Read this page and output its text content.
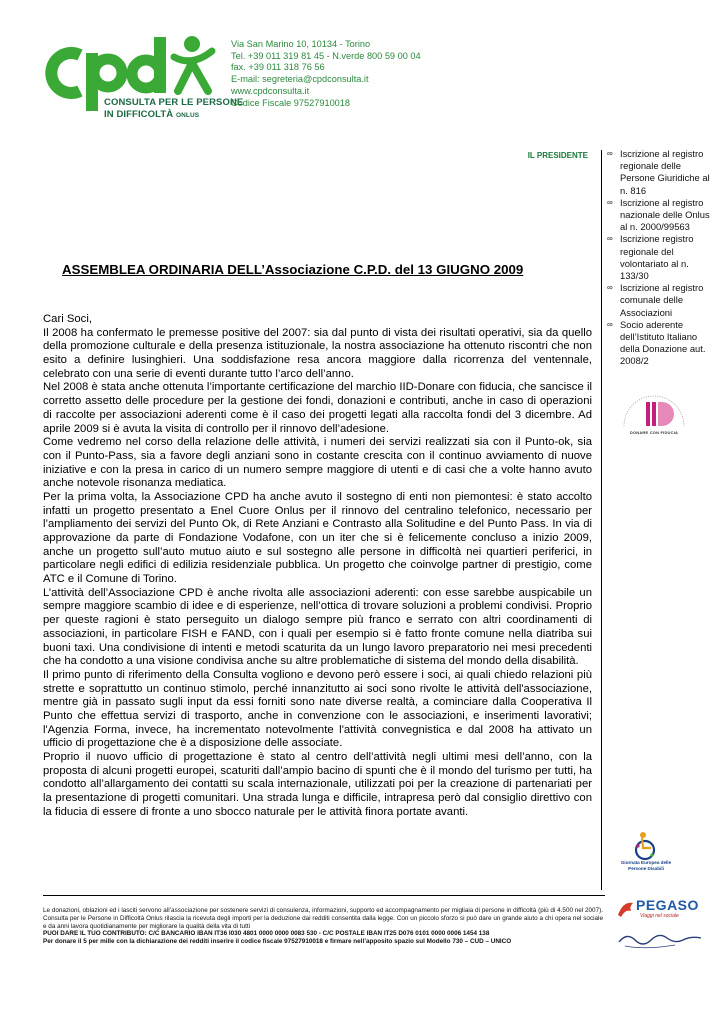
CONSULTA PER LE PERSONE
IN DIFFICOLTÀ ONLUS
Via San Marino 10, 10134 - Torino
Tel. +39 011 319 81 45 - N.verde 800 59 00 04
fax. +39 011 318 76 56
E-mail: segreteria@cpdconsulta.it
www.cpdconsulta.it
Codice Fiscale 97527910018
IL PRESIDENTE ∞ Iscrizione al registro regionale delle Persone Giuridiche al n. 816
∞ Iscrizione al registro nazionale delle Onlus al n. 2000/99563
∞ Iscrizione registro regionale del volontariato al n. 133/30
∞ Iscrizione al registro comunale delle Associazioni
∞ Socio aderente dell’Istituto Italiano della Donazione aut. 2008/2
DONARE CON FIDUCIA
Giornata Europea delle Persone Disabili
ASSEMBLEA ORDINARIA DELL’Associazione C.P.D. del 13 GIUGNO 2009

Cari Soci,

Il 2008 ha confermato le premesse positive del 2007: sia dal punto di vista dei risultati operativi, sia da quello della promozione culturale e della presenza istituzionale, la nostra associazione ha ottenuto riscontri che non esito a definire lusinghieri. Una soddisfazione resa ancora maggiore dalla ricorrenza del ventennale, celebrato con una serie di eventi durante tutto l’arco dell’anno.

Nel 2008 è stata anche ottenuta l’importante certificazione del marchio IID-Donare con fiducia, che sancisce il corretto assetto delle procedure per la gestione dei fondi, donazioni e contributi, anche in caso di operazioni di raccolte per associazioni aderenti come è il caso dei progetti legati alla raccolta fondi del 3 dicembre. Ad aprile 2009 si è avuta la visita di controllo per il rinnovo dell’adesione.

Come vedremo nel corso della relazione delle attività, i numeri dei servizi realizzati sia con il Punto-ok, sia con il Punto-Pass, sia a favore degli anziani sono in costante crescita con il continuo avviamento di nuove iniziative e con la presa in carico di un numero sempre maggiore di utenti e di casi che a volte hanno avuto anche notevole risonanza mediatica.

Per la prima volta, la Associazione CPD ha anche avuto il sostegno di enti non piemontesi: è stato accolto infatti un progetto presentato a Enel Cuore Onlus per il rinnovo del centralino telefonico, necessario per l’ampliamento dei servizi del Punto Ok, di Rete Anziani e Contrasto alla Solitudine e del Punto Pass. In via di approvazione da parte di Fondazione Vodafone, con un iter che si è felicemente concluso a inizio 2009, anche un progetto sull’auto mutuo aiuto e sul sostegno alle persone in difficoltà nei quartieri periferici, in particolare negli edifici di edilizia residenziale pubblica. Un progetto che coinvolge partner di prestigio, come ATC e il Comune di Torino.

L’attività dell’Associazione CPD è anche rivolta alle associazioni aderenti: con esse sarebbe auspicabile un sempre maggiore scambio di idee e di esperienze, nell’ottica di trovare soluzioni a problemi condivisi. Proprio per queste ragioni è stato perseguito un dialogo sempre più franco e serrato con altri coordinamenti di associazioni, in particolare FISH e FAND, con i quali per esempio si è fatto fronte comune nella diatriba sui buoni taxi. Una condivisione di intenti e metodi scaturita da un lungo lavoro preparatorio nei mesi precedenti che ha condotto a una visione condivisa anche su altre problematiche di sistema del mondo della disabilità.

Il primo punto di riferimento della Consulta vogliono e devono però essere i soci, ai quali chiedo relazioni più strette e soprattutto un continuo stimolo, perché innanzitutto ai soci sono rivolte le attività dell'associazione, mentre già in passato sugli input da essi forniti sono nate diverse realtà, a cominciare dalla Cooperativa Il Punto che effettua servizi di trasporto, anche in convenzione con le associazioni, e inserimenti lavorativi; l'Agenzia Forma, invece, ha incrementato notevolmente l'attività convegnistica e dal 2008 ha attivato un ufficio di progettazione che è a disposizione delle associate.

Proprio il nuovo ufficio di progettazione è stato al centro dell’attività negli ultimi mesi dell’anno, con la proposta di alcuni progetti europei, scaturiti dall’ampio bacino di spunti che è il mondo del turismo per tutti, ha condotto all’allargamento dei contatti su scala internazionale, utilizzati poi per la creazione di partenariati per la presentazione di progetti comunitari. Una strada lunga e difficile, intrapresa però dal consiglio direttivo con la fiducia di essere di fronte a uno sbocco naturale per le attività finora portate avanti.

Le donazioni, oblazioni ed i lasciti servono all’associazione per sostenere servizi di consulenza, informazioni, supporto ed accompagnamento per migliaia di persone in difficoltà (più di 4.500 nel 2007). Consulta per le Persone in Difficoltà Onlus rilascia la ricevuta degli importi per la deduzione dai redditi consentita dalla legge. Con un piccolo sforzo si può dare un grande aiuto a chi opera nel sociale e da anni lavora quotidianamente per migliorare la qualità della vita di tutti
PUOI DARE IL TUO CONTRIBUTO: C/C BANCARIO IBAN IT36 I030 4801 0000 0000 0083 530 - C/C POSTALE IBAN IT25 D076 0101 0000 0006 1454 138
Per donare il 5 per mille con la dichiarazione dei redditi inserire il codice fiscale 97527910018 e firmare nell’apposito spazio sul Modello 730 – CUD – UNICO
PEGASO
Viaggi nel sociale
